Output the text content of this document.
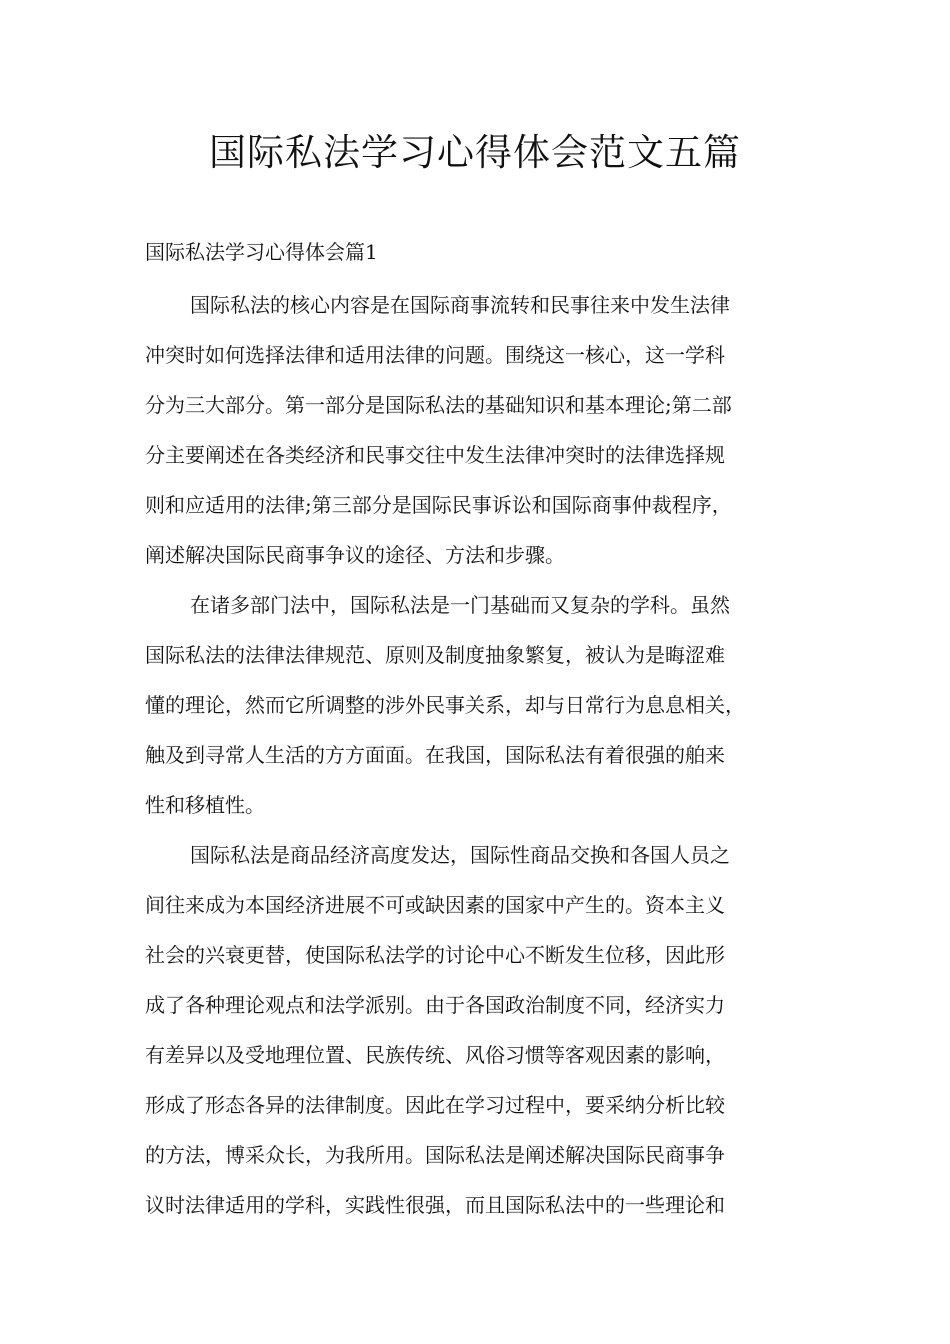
国际私法学习心得体会范文五篇
国际私法学习心得体会篇1

国际私法的核心内容是在国际商事流转和民事往来中发生法律
冲突时如何选择法律和适用法律的问题。围绕这一核心，这一学科
分为三大部分。第一部分是国际私法的基础知识和基本理论;第二部
分主要阐述在各类经济和民事交往中发生法律冲突时的法律选择规
则和应适用的法律;第三部分是国际民事诉讼和国际商事仲裁程序，
阐述解决国际民商事争议的途径、方法和步骤。

在诸多部门法中，国际私法是一门基础而又复杂的学科。虽然
国际私法的法律法律规范、原则及制度抽象繁复，被认为是晦涩难
懂的理论，然而它所调整的涉外民事关系，却与日常行为息息相关，
触及到寻常人生活的方方面面。在我国，国际私法有着很强的舶来
性和移植性。

国际私法是商品经济高度发达，国际性商品交换和各国人员之
间往来成为本国经济进展不可或缺因素的国家中产生的。资本主义
社会的兴衰更替，使国际私法学的讨论中心不断发生位移，因此形
成了各种理论观点和法学派别。由于各国政治制度不同，经济实力
有差异以及受地理位置、民族传统、风俗习惯等客观因素的影响，
形成了形态各异的法律制度。因此在学习过程中，要采纳分析比较
的方法，博采众长，为我所用。国际私法是阐述解决国际民商事争
议时法律适用的学科，实践性很强，而且国际私法中的一些理论和
